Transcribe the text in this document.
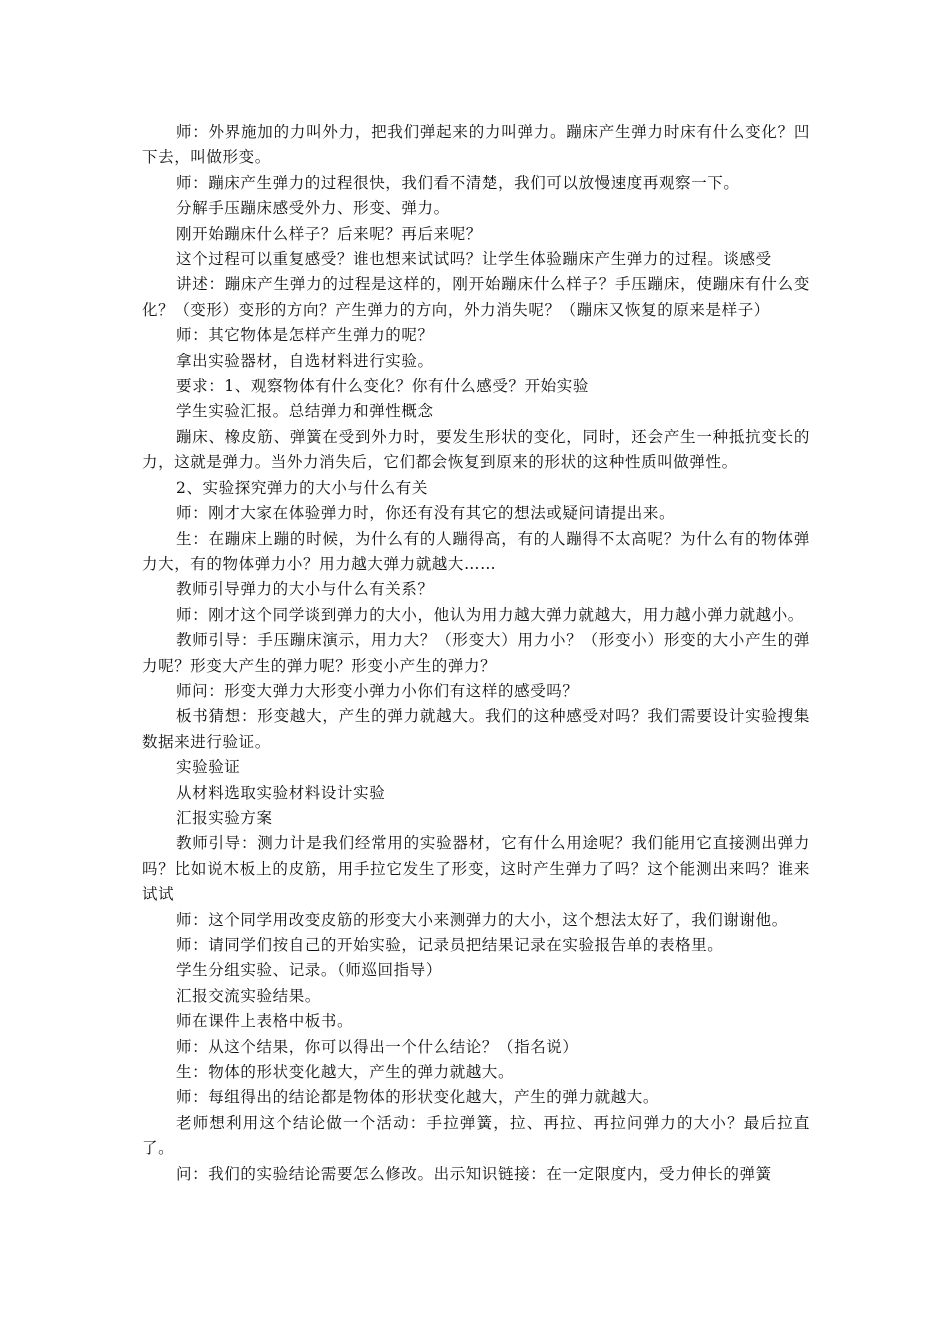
师：外界施加的力叫外力，把我们弹起来的力叫弹力。蹦床产生弹力时床有什么变化？凹下去，叫做形变。

师：蹦床产生弹力的过程很快，我们看不清楚，我们可以放慢速度再观察一下。

分解手压蹦床感受外力、形变、弹力。

刚开始蹦床什么样子？后来呢？再后来呢？

这个过程可以重复感受？谁也想来试试吗？让学生体验蹦床产生弹力的过程。谈感受

讲述：蹦床产生弹力的过程是这样的，刚开始蹦床什么样子？手压蹦床，使蹦床有什么变化？（变形）变形的方向？产生弹力的方向，外力消失呢？（蹦床又恢复的原来是样子）

师：其它物体是怎样产生弹力的呢？

拿出实验器材，自选材料进行实验。

要求：1、观察物体有什么变化？你有什么感受？开始实验

学生实验汇报。总结弹力和弹性概念

蹦床、橡皮筋、弹簧在受到外力时，要发生形状的变化，同时，还会产生一种抵抗变长的力，这就是弹力。当外力消失后，它们都会恢复到原来的形状的这种性质叫做弹性。

2、实验探究弹力的大小与什么有关

师：刚才大家在体验弹力时，你还有没有其它的想法或疑问请提出来。

生：在蹦床上蹦的时候，为什么有的人蹦得高，有的人蹦得不太高呢？为什么有的物体弹力大，有的物体弹力小？用力越大弹力就越大……

教师引导弹力的大小与什么有关系？

师：刚才这个同学谈到弹力的大小，他认为用力越大弹力就越大，用力越小弹力就越小。

教师引导：手压蹦床演示，用力大？（形变大）用力小？（形变小）形变的大小产生的弹力呢？形变大产生的弹力呢？形变小产生的弹力？

师问：形变大弹力大形变小弹力小你们有这样的感受吗？

板书猜想：形变越大，产生的弹力就越大。我们的这种感受对吗？我们需要设计实验搜集数据来进行验证。

实验验证

从材料选取实验材料设计实验

汇报实验方案

教师引导：测力计是我们经常用的实验器材，它有什么用途呢？我们能用它直接测出弹力吗？比如说木板上的皮筋，用手拉它发生了形变，这时产生弹力了吗？这个能测出来吗？谁来试试

师：这个同学用改变皮筋的形变大小来测弹力的大小，这个想法太好了，我们谢谢他。

师：请同学们按自己的开始实验，记录员把结果记录在实验报告单的表格里。

学生分组实验、记录。（师巡回指导）

汇报交流实验结果。

师在课件上表格中板书。

师：从这个结果，你可以得出一个什么结论？（指名说）

生：物体的形状变化越大，产生的弹力就越大。

师：每组得出的结论都是物体的形状变化越大，产生的弹力就越大。

老师想利用这个结论做一个活动：手拉弹簧，拉、再拉、再拉问弹力的大小？最后拉直了。

问：我们的实验结论需要怎么修改。出示知识链接：在一定限度内，受力伸长的弹簧
